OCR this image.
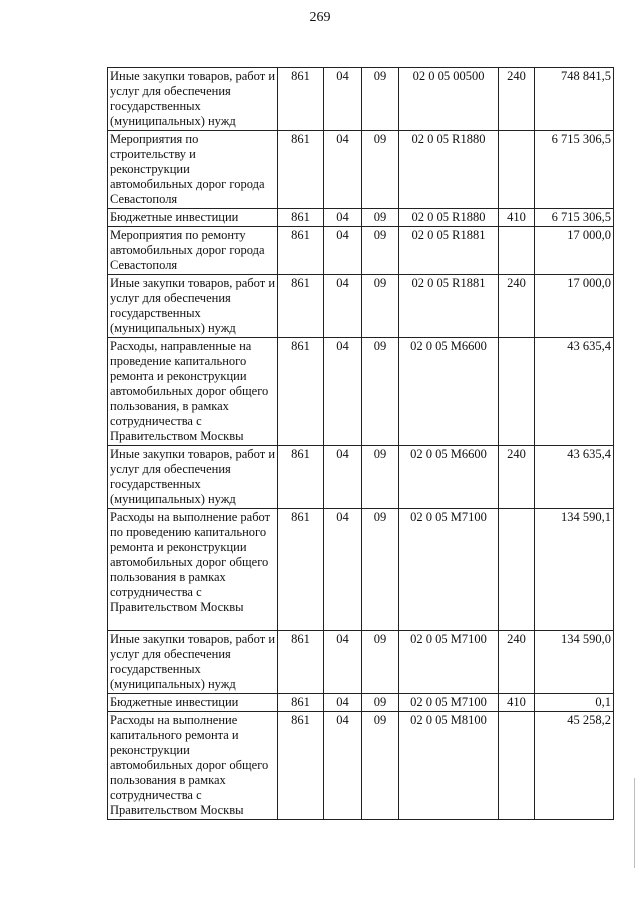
269
Иные закупки товаров, работ и услуг для обеспечения государственных (муниципальных) нужд	861	04	09	02 0 05 00500	240	748 841,5
Мероприятия по строительству и реконструкции автомобильных дорог города Севастополя	861	04	09	02 0 05 R1880		6 715 306,5
Бюджетные инвестиции	861	04	09	02 0 05 R1880	410	6 715 306,5
Мероприятия по ремонту автомобильных дорог города Севастополя	861	04	09	02 0 05 R1881		17 000,0
Иные закупки товаров, работ и услуг для обеспечения государственных (муниципальных) нужд	861	04	09	02 0 05 R1881	240	17 000,0
Расходы, направленные на проведение капитального ремонта и реконструкции автомобильных дорог общего пользования, в рамках сотрудничества с Правительством Москвы	861	04	09	02 0 05 M6600		43 635,4
Иные закупки товаров, работ и услуг для обеспечения государственных (муниципальных) нужд	861	04	09	02 0 05 M6600	240	43 635,4
Расходы на выполнение работ по проведению капитального ремонта и реконструкции автомобильных дорог общего пользования в рамках сотрудничества с Правительством Москвы	861	04	09	02 0 05 M7100		134 590,1
Иные закупки товаров, работ и услуг для обеспечения государственных (муниципальных) нужд	861	04	09	02 0 05 M7100	240	134 590,0
Бюджетные инвестиции	861	04	09	02 0 05 M7100	410	0,1
Расходы на выполнение капитального ремонта и реконструкции автомобильных дорог общего пользования в рамках сотрудничества с Правительством Москвы	861	04	09	02 0 05 M8100		45 258,2
